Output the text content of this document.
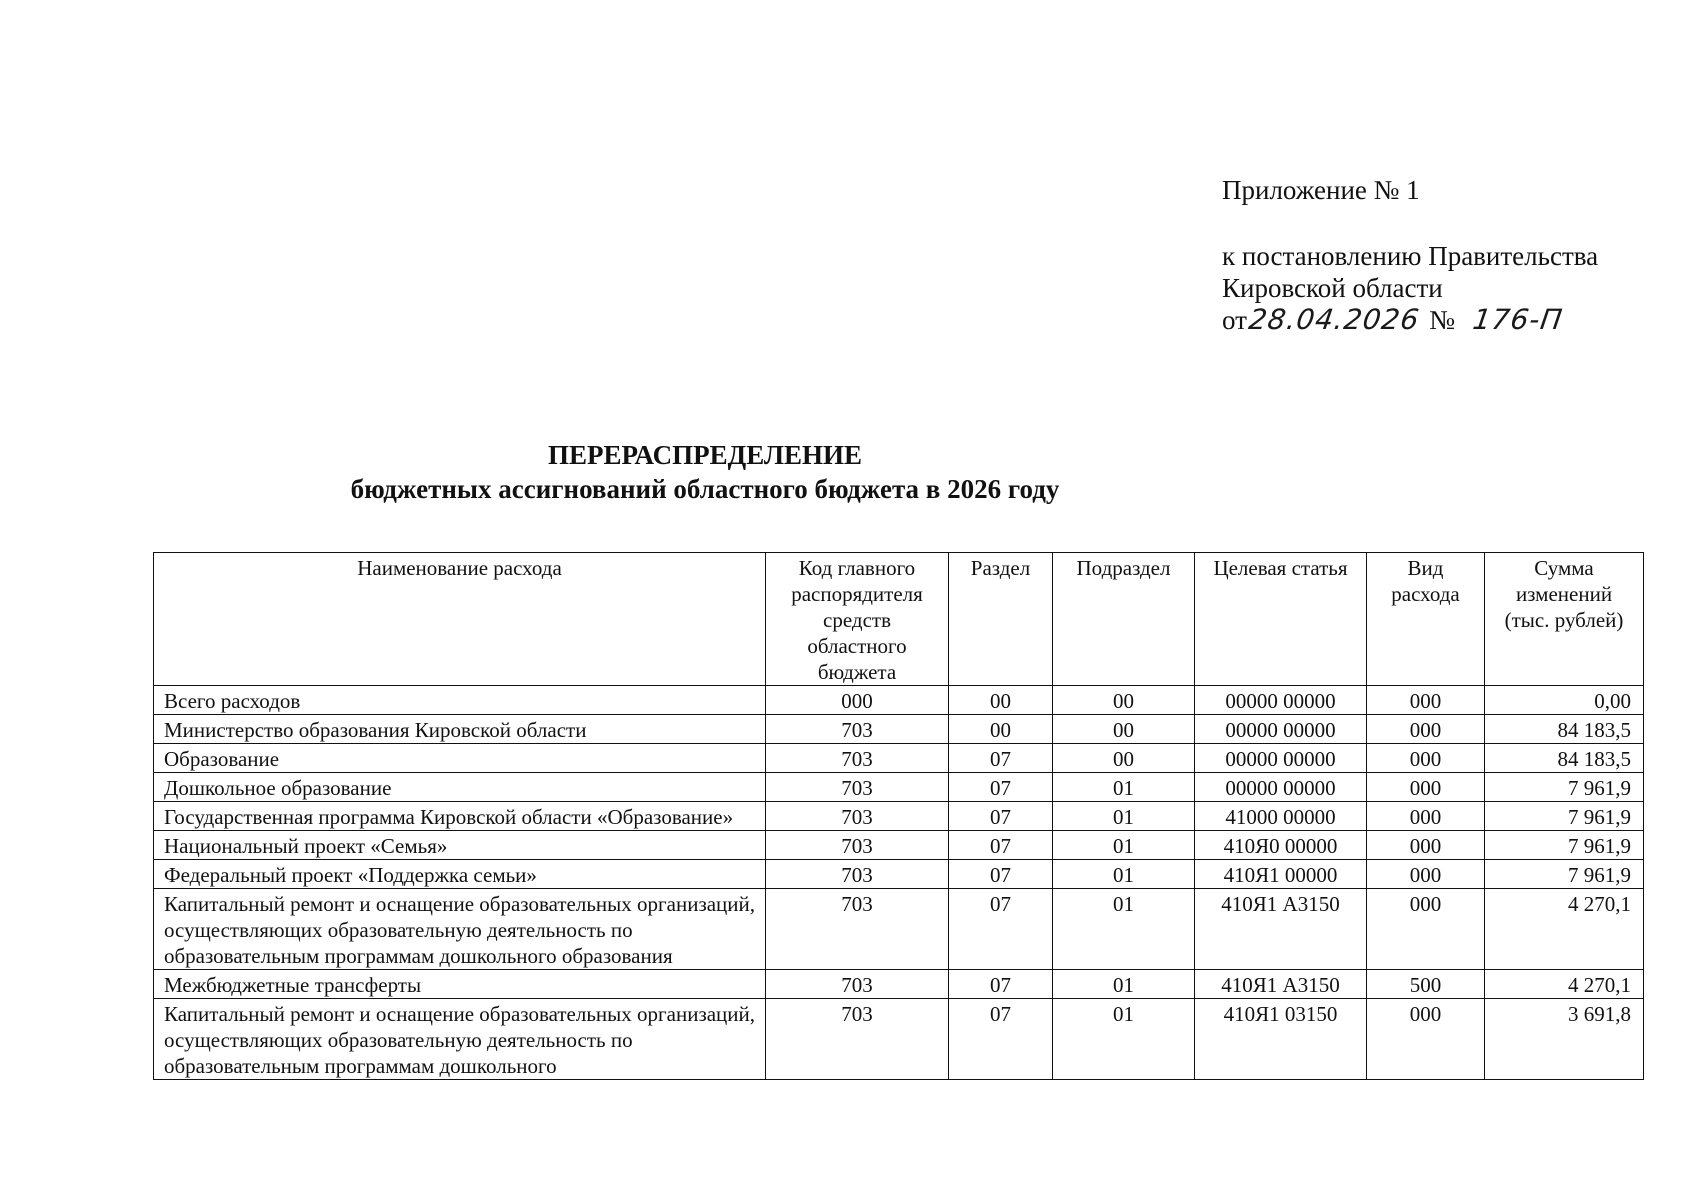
Приложение № 1
к постановлению Правительства
Кировской области
от 28.04.2026 № 176-П
ПЕРЕРАСПРЕДЕЛЕНИЕ
бюджетных ассигнований областного бюджета в 2026 году
Наименование расхода	Код главного распорядителя средств областного бюджета	Раздел	Подраздел	Целевая статья	Вид расхода	Сумма изменений (тыс. рублей)
Всего расходов	000	00	00	00000 00000	000	0,00
Министерство образования Кировской области	703	00	00	00000 00000	000	84 183,5
Образование	703	07	00	00000 00000	000	84 183,5
Дошкольное образование	703	07	01	00000 00000	000	7 961,9
Государственная программа Кировской области «Образование»	703	07	01	41000 00000	000	7 961,9
Национальный проект «Семья»	703	07	01	410Я0 00000	000	7 961,9
Федеральный проект «Поддержка семьи»	703	07	01	410Я1 00000	000	7 961,9
Капитальный ремонт и оснащение образовательных организаций, осуществляющих образовательную деятельность по образовательным программам дошкольного образования	703	07	01	410Я1 А3150	000	4 270,1
Межбюджетные трансферты	703	07	01	410Я1 А3150	500	4 270,1
Капитальный ремонт и оснащение образовательных организаций, осуществляющих образовательную деятельность по образовательным программам дошкольного	703	07	01	410Я1 03150	000	3 691,8
